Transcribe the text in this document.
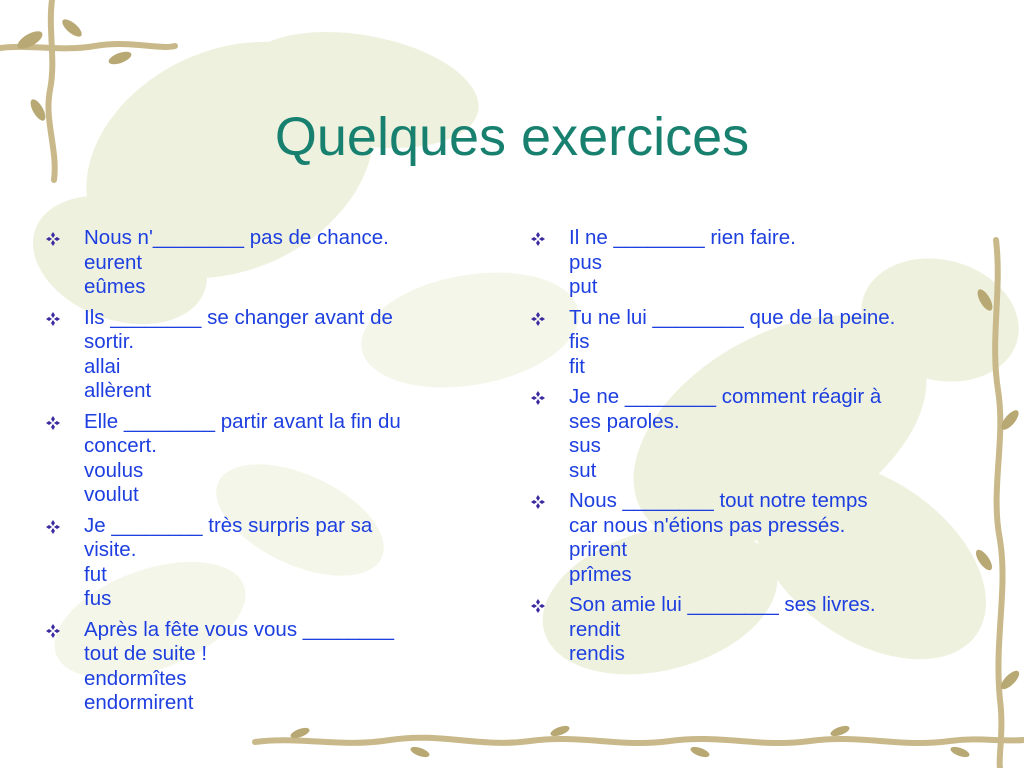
Quelques exercices
Nous n'________ pas de chance.
eurent
eûmes
Ils ________ se changer avant de
sortir.
allai
allèrent
Elle ________ partir avant la fin du
concert.
voulus
voulut
Je ________ très surpris par sa
visite.
fut
fus
Après la fête vous vous ________
tout de suite !
endormîtes
endormirent
Il ne ________ rien faire.
pus
put
Tu ne lui ________ que de la peine.
fis
fit
Je ne ________ comment réagir à
ses paroles.
sus
sut
Nous ________ tout notre temps
car nous n'étions pas pressés.
prirent
prîmes
Son amie lui ________ ses livres.
rendit
rendis
